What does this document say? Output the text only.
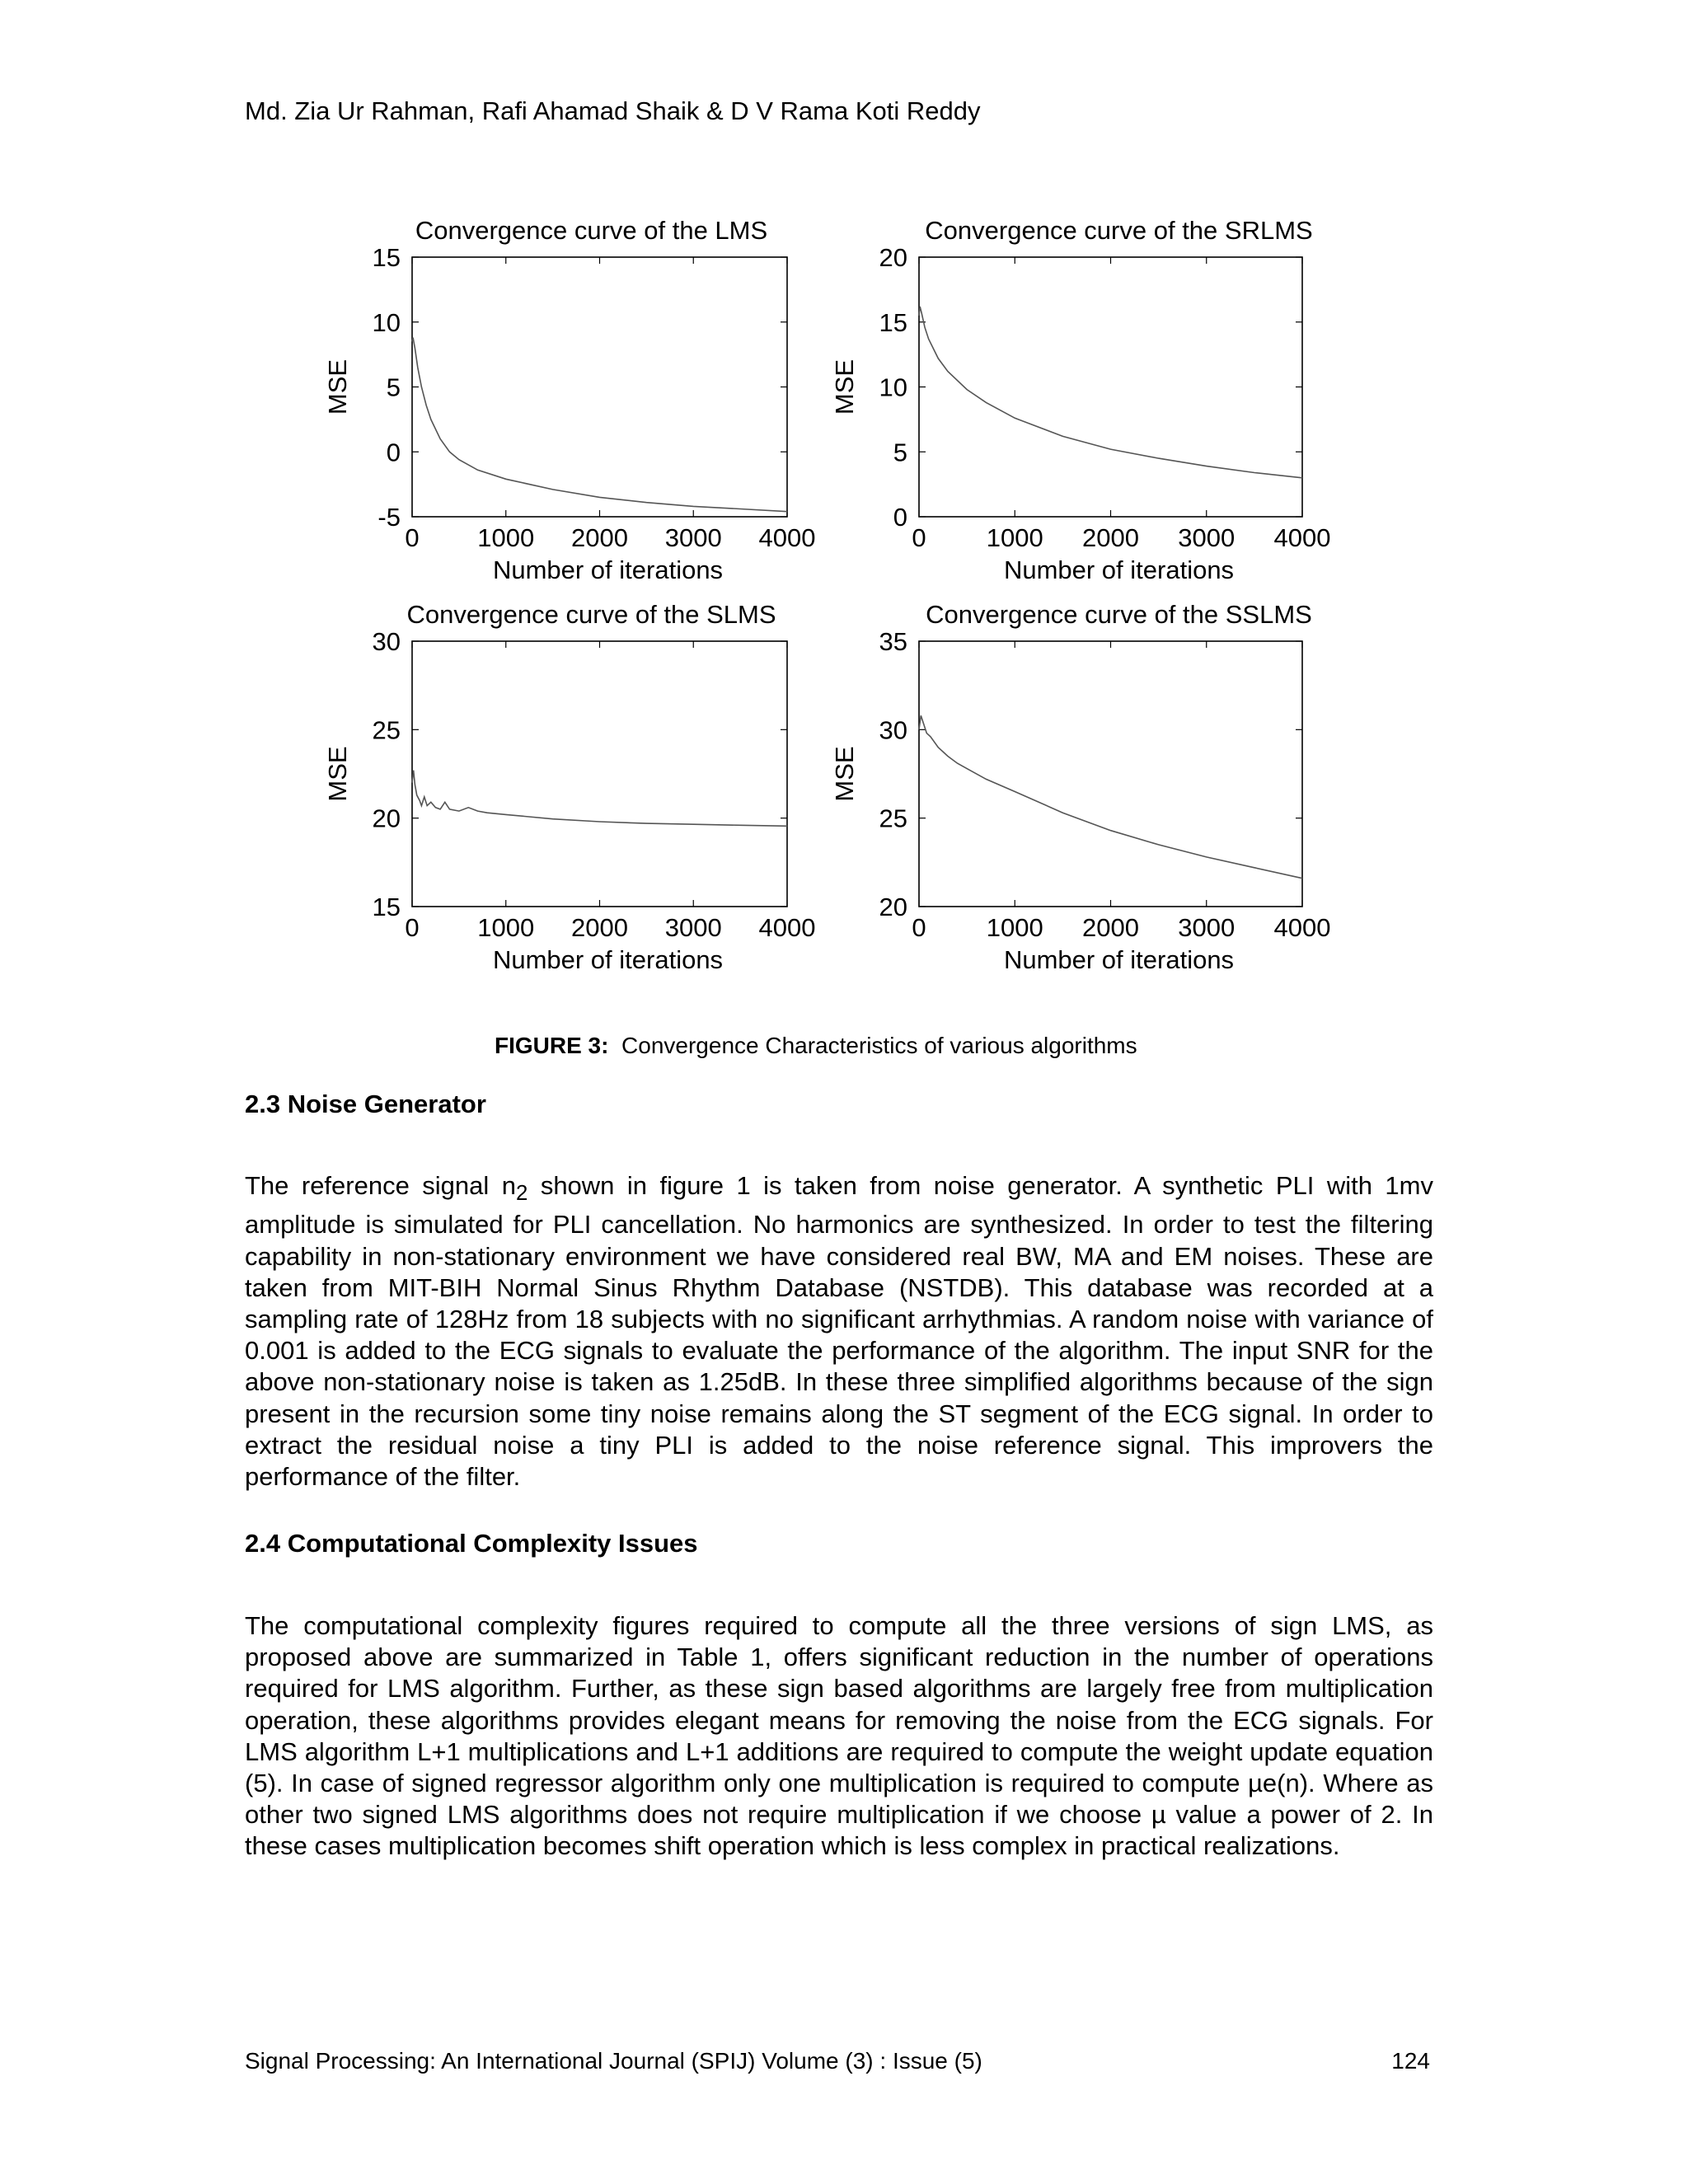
Md. Zia Ur Rahman, Rafi Ahamad Shaik & D V Rama Koti Reddy
0 1000 2000 3000 4000
-5
0
5
10
15
Convergence curve of the LMS
Number of iterations
MSE
0 1000 2000 3000 4000
0
5
10
15
20
Convergence curve of the SRLMS
Number of iterations
MSE
0 1000 2000 3000 4000
15
20
25
30
Convergence curve of the SLMS
Number of iterations
MSE
0 1000 2000 3000 4000
20
25
30
35
Convergence curve of the SSLMS
Number of iterations
MSE
FIGURE 3: Convergence Characteristics of various algorithms
2.3 Noise Generator

The reference signal $n_2$ shown in figure 1 is taken from noise generator. A synthetic PLI with 1mv amplitude is simulated for PLI cancellation. No harmonics are synthesized. In order to test the filtering capability in non-stationary environment we have considered real BW, MA and EM noises. These are taken from MIT-BIH Normal Sinus Rhythm Database (NSTDB). This database was recorded at a sampling rate of 128Hz from 18 subjects with no significant arrhythmias. A random noise with variance of 0.001 is added to the ECG signals to evaluate the performance of the algorithm. The input SNR for the above non-stationary noise is taken as 1.25dB. In these three simplified algorithms because of the sign present in the recursion some tiny noise remains along the ST segment of the ECG signal. In order to extract the residual noise a tiny PLI is added to the noise reference signal. This improvers the performance of the filter.

2.4 Computational Complexity Issues

The computational complexity figures required to compute all the three versions of sign LMS, as proposed above are summarized in Table 1, offers significant reduction in the number of operations required for LMS algorithm. Further, as these sign based algorithms are largely free from multiplication operation, these algorithms provides elegant means for removing the noise from the ECG signals. For LMS algorithm L+1 multiplications and L+1 additions are required to compute the weight update equation (5). In case of signed regressor algorithm only one multiplication is required to compute µe(n). Where as other two signed LMS algorithms does not require multiplication if we choose µ value a power of 2. In these cases multiplication becomes shift operation which is less complex in practical realizations.

Signal Processing: An International Journal (SPIJ) Volume (3) : Issue (5)	124
